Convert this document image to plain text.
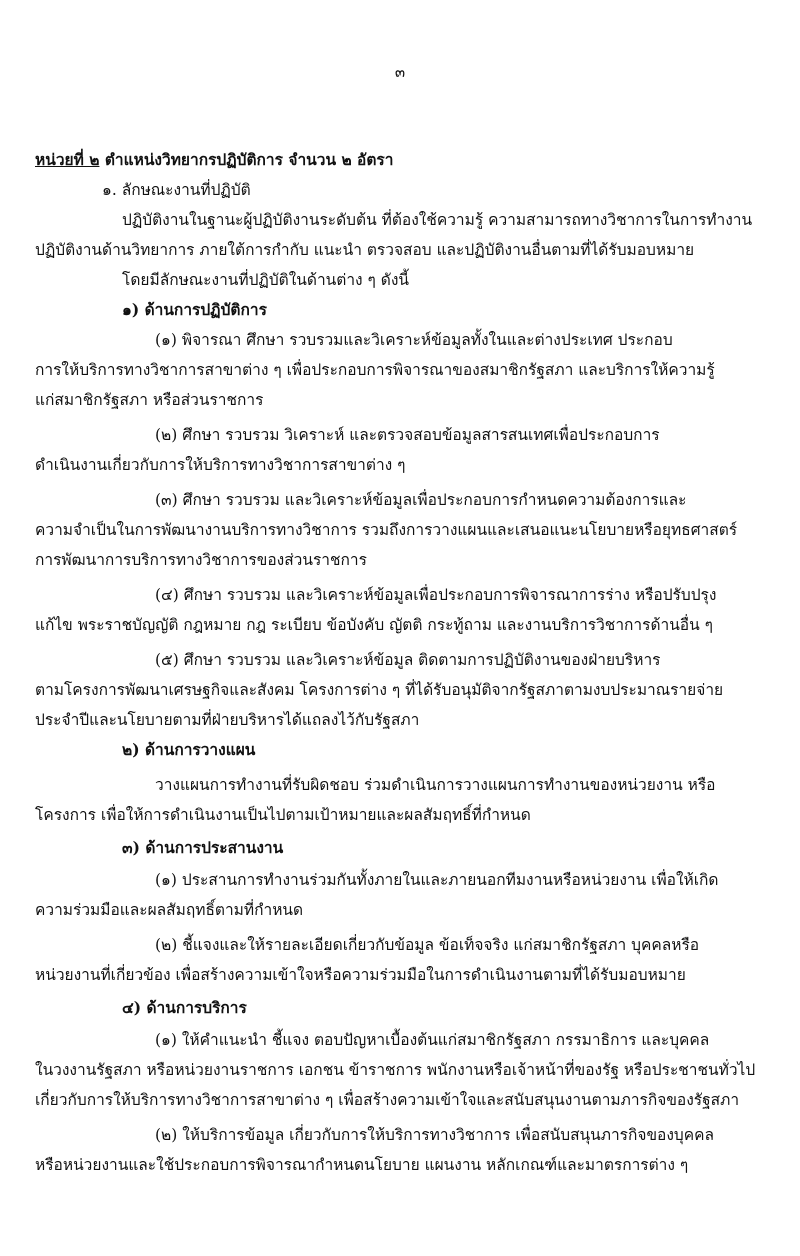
๓
หน่วยที่ ๒ ตำแหน่งวิทยากรปฏิบัติการ จำนวน ๒ อัตรา
๑. ลักษณะงานที่ปฏิบัติ
ปฏิบัติงานในฐานะผู้ปฏิบัติงานระดับต้น ที่ต้องใช้ความรู้ ความสามารถทางวิชาการในการทำงาน
ปฏิบัติงานด้านวิทยาการ ภายใต้การกำกับ แนะนำ ตรวจสอบ และปฏิบัติงานอื่นตามที่ได้รับมอบหมาย
โดยมีลักษณะงานที่ปฏิบัติในด้านต่าง ๆ ดังนี้
๑) ด้านการปฏิบัติการ
(๑) พิจารณา ศึกษา รวบรวมและวิเคราะห์ข้อมูลทั้งในและต่างประเทศ ประกอบ
การให้บริการทางวิชาการสาขาต่าง ๆ เพื่อประกอบการพิจารณาของสมาชิกรัฐสภา และบริการให้ความรู้
แก่สมาชิกรัฐสภา หรือส่วนราชการ
(๒) ศึกษา รวบรวม วิเคราะห์ และตรวจสอบข้อมูลสารสนเทศเพื่อประกอบการ
ดำเนินงานเกี่ยวกับการให้บริการทางวิชาการสาขาต่าง ๆ
(๓) ศึกษา รวบรวม และวิเคราะห์ข้อมูลเพื่อประกอบการกำหนดความต้องการและ
ความจำเป็นในการพัฒนางานบริการทางวิชาการ รวมถึงการวางแผนและเสนอแนะนโยบายหรือยุทธศาสตร์
การพัฒนาการบริการทางวิชาการของส่วนราชการ
(๔) ศึกษา รวบรวม และวิเคราะห์ข้อมูลเพื่อประกอบการพิจารณาการร่าง หรือปรับปรุง
แก้ไข พระราชบัญญัติ กฎหมาย กฎ ระเบียบ ข้อบังคับ ญัตติ กระทู้ถาม และงานบริการวิชาการด้านอื่น ๆ
(๕) ศึกษา รวบรวม และวิเคราะห์ข้อมูล ติดตามการปฏิบัติงานของฝ่ายบริหาร
ตามโครงการพัฒนาเศรษฐกิจและสังคม โครงการต่าง ๆ ที่ได้รับอนุมัติจากรัฐสภาตามงบประมาณรายจ่าย
ประจำปีและนโยบายตามที่ฝ่ายบริหารได้แถลงไว้กับรัฐสภา
๒) ด้านการวางแผน
วางแผนการทำงานที่รับผิดชอบ ร่วมดำเนินการวางแผนการทำงานของหน่วยงาน หรือ
โครงการ เพื่อให้การดำเนินงานเป็นไปตามเป้าหมายและผลสัมฤทธิ์ที่กำหนด
๓) ด้านการประสานงาน
(๑) ประสานการทำงานร่วมกันทั้งภายในและภายนอกทีมงานหรือหน่วยงาน เพื่อให้เกิด
ความร่วมมือและผลสัมฤทธิ์ตามที่กำหนด
(๒) ชี้แจงและให้รายละเอียดเกี่ยวกับข้อมูล ข้อเท็จจริง แก่สมาชิกรัฐสภา บุคคลหรือ
หน่วยงานที่เกี่ยวข้อง เพื่อสร้างความเข้าใจหรือความร่วมมือในการดำเนินงานตามที่ได้รับมอบหมาย
๔) ด้านการบริการ
(๑) ให้คำแนะนำ ชี้แจง ตอบปัญหาเบื้องต้นแก่สมาชิกรัฐสภา กรรมาธิการ และบุคคล
ในวงงานรัฐสภา หรือหน่วยงานราชการ เอกชน ข้าราชการ พนักงานหรือเจ้าหน้าที่ของรัฐ หรือประชาชนทั่วไป
เกี่ยวกับการให้บริการทางวิชาการสาขาต่าง ๆ เพื่อสร้างความเข้าใจและสนับสนุนงานตามภารกิจของรัฐสภา
(๒) ให้บริการข้อมูล เกี่ยวกับการให้บริการทางวิชาการ เพื่อสนับสนุนภารกิจของบุคคล
หรือหน่วยงานและใช้ประกอบการพิจารณากำหนดนโยบาย แผนงาน หลักเกณฑ์และมาตรการต่าง ๆ
